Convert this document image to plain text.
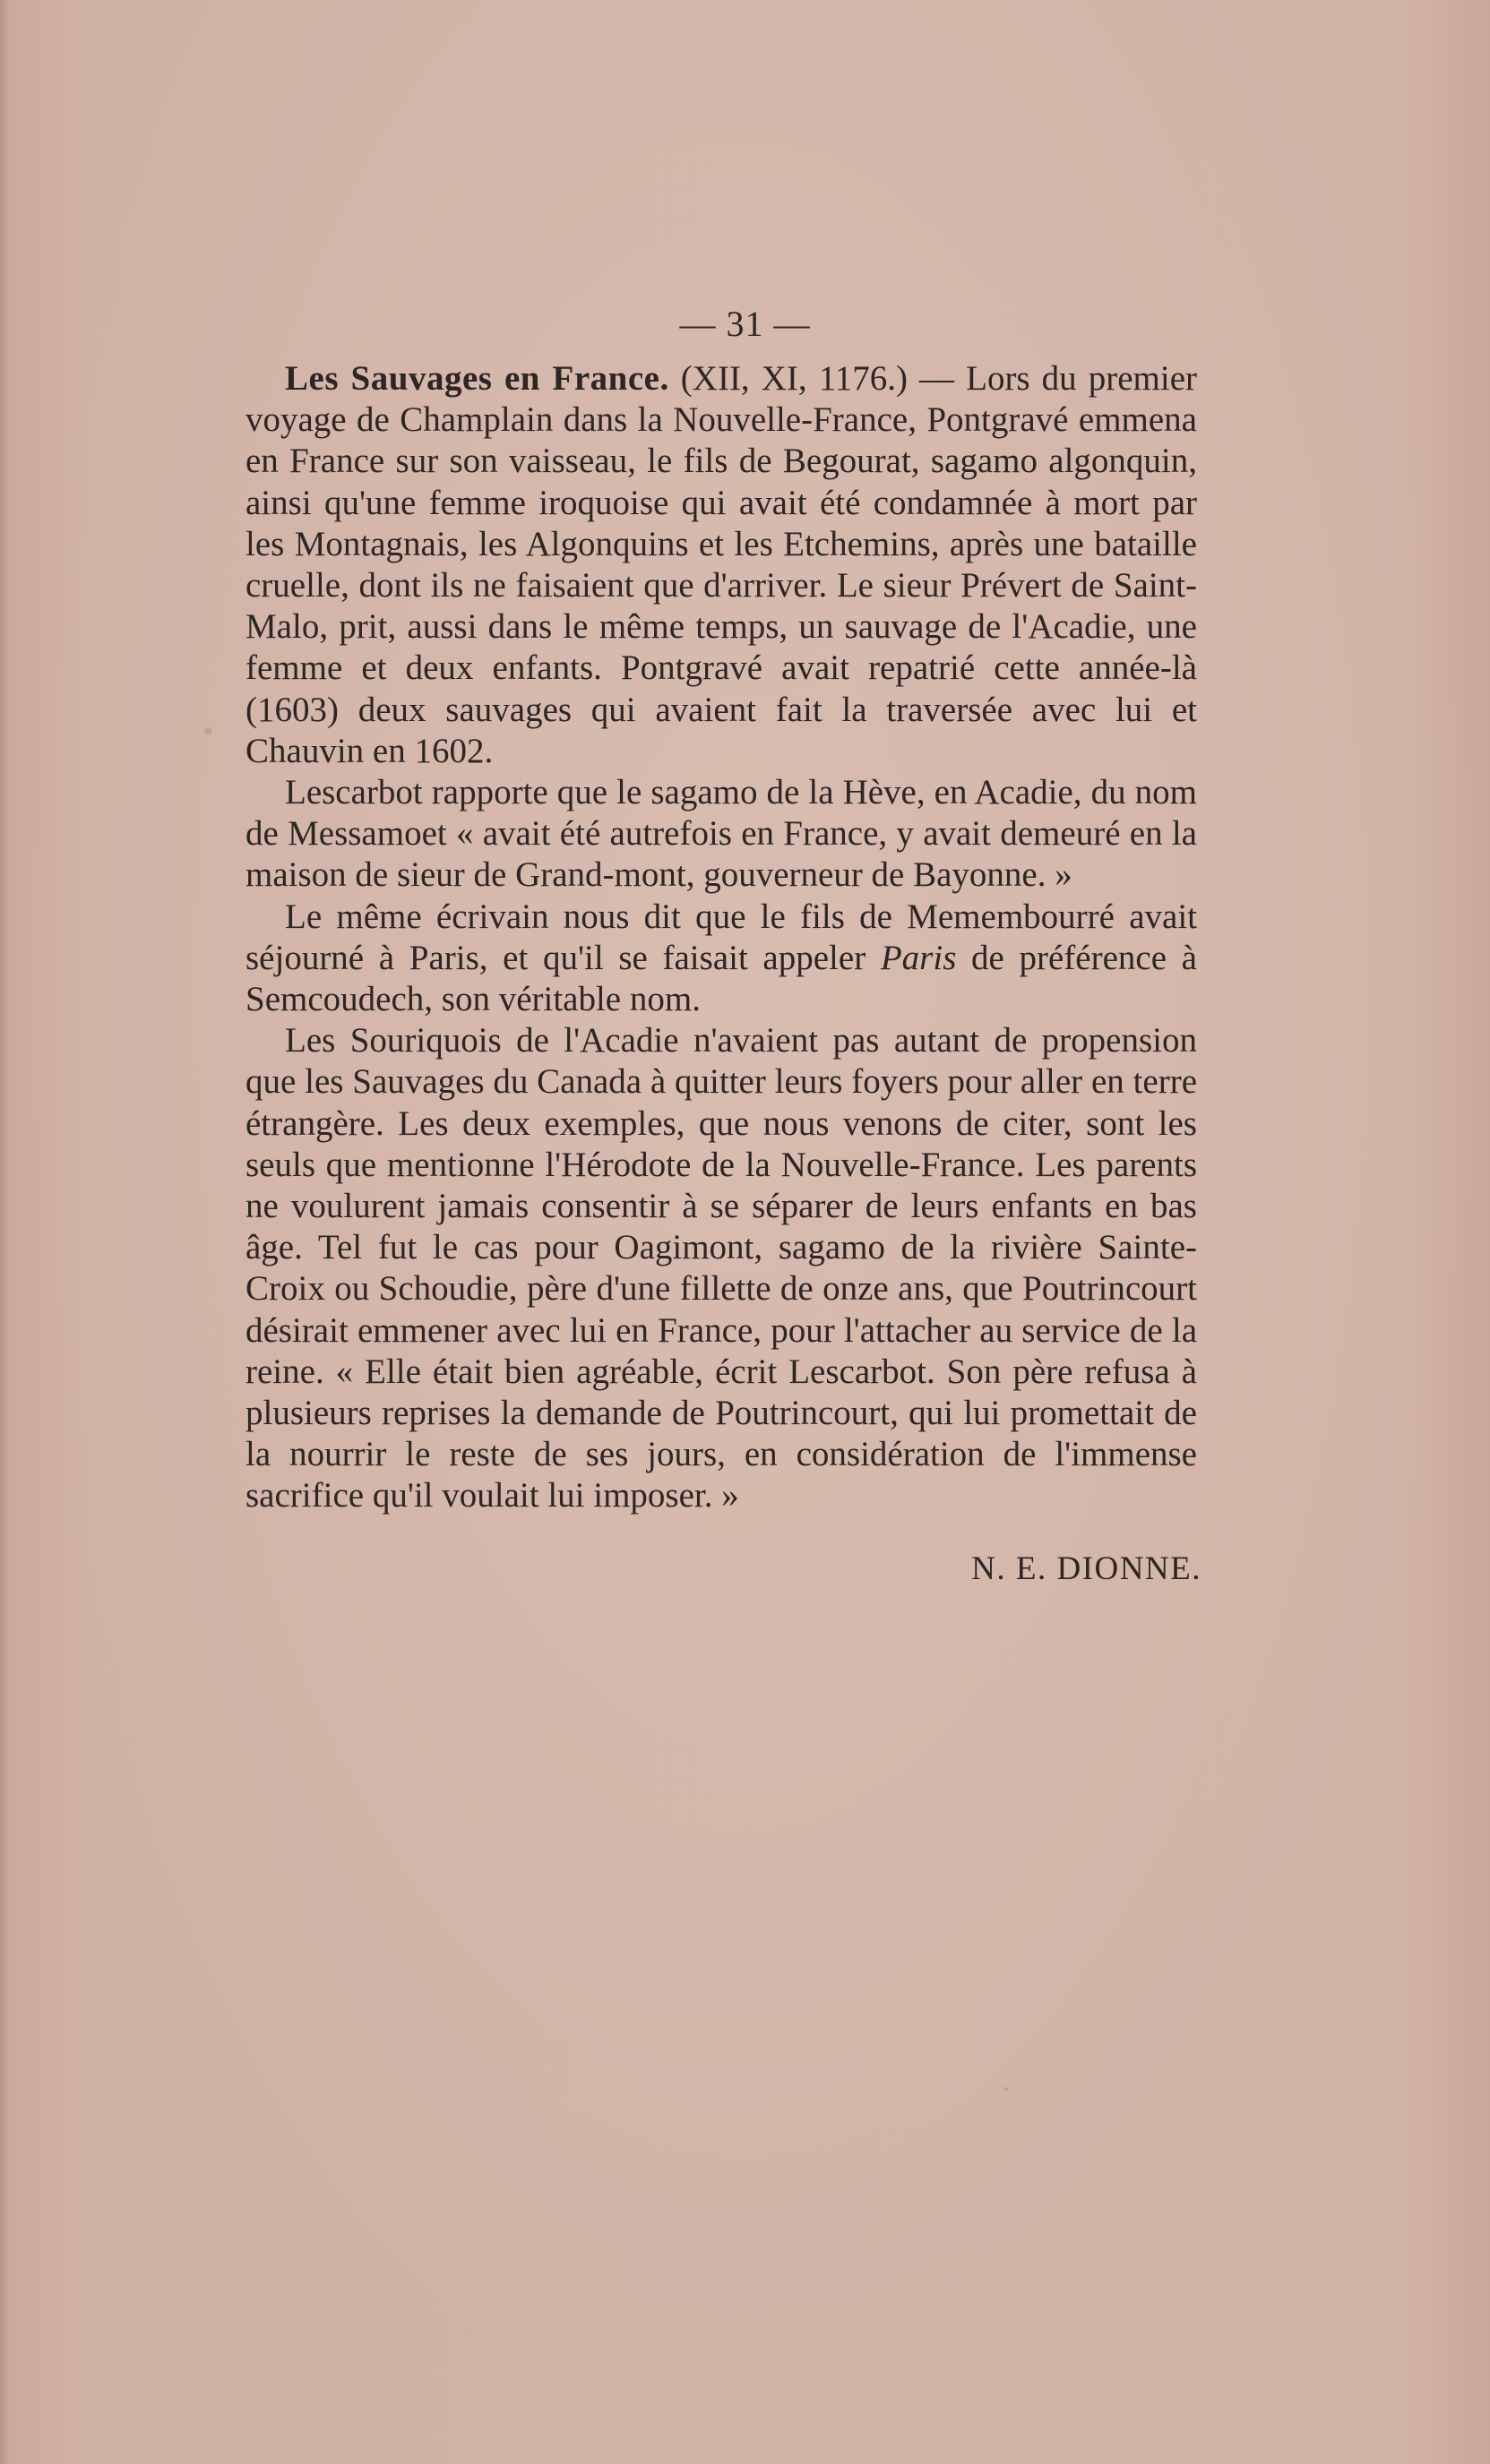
— 31 —

Les Sauvages en France. (XII, XI, 1176.) — Lors du premier voyage de Champlain dans la Nouvelle-France, Pontgravé emmena en France sur son vaisseau, le fils de Begourat, sagamo algonquin, ainsi qu'une femme iroquoise qui avait été condamnée à mort par les Montagnais, les Algonquins et les Etchemins, après une bataille cruelle, dont ils ne faisaient que d'arriver. Le sieur Prévert de Saint-Malo, prit, aussi dans le même temps, un sauvage de l'Acadie, une femme et deux enfants. Pontgravé avait repatrié cette année-là (1603) deux sauvages qui avaient fait la traversée avec lui et Chauvin en 1602.

Lescarbot rapporte que le sagamo de la Hève, en Acadie, du nom de Messamoet « avait été autrefois en France, y avait demeuré en la maison de sieur de Grand-mont, gouverneur de Bayonne. »

Le même écrivain nous dit que le fils de Memembourré avait séjourné à Paris, et qu'il se faisait appeler Paris de préférence à Semcoudech, son véritable nom.

Les Souriquois de l'Acadie n'avaient pas autant de propension que les Sauvages du Canada à quitter leurs foyers pour aller en terre étrangère. Les deux exemples, que nous venons de citer, sont les seuls que mentionne l'Hérodote de la Nouvelle-France. Les parents ne voulurent jamais consentir à se séparer de leurs enfants en bas âge. Tel fut le cas pour Oagimont, sagamo de la rivière Sainte-Croix ou Schoudie, père d'une fillette de onze ans, que Poutrincourt désirait emmener avec lui en France, pour l'attacher au service de la reine. « Elle était bien agréable, écrit Lescarbot. Son père refusa à plusieurs reprises la demande de Poutrincourt, qui lui promettait de la nourrir le reste de ses jours, en considération de l'immense sacrifice qu'il voulait lui imposer. »

N. E. DIONNE.
